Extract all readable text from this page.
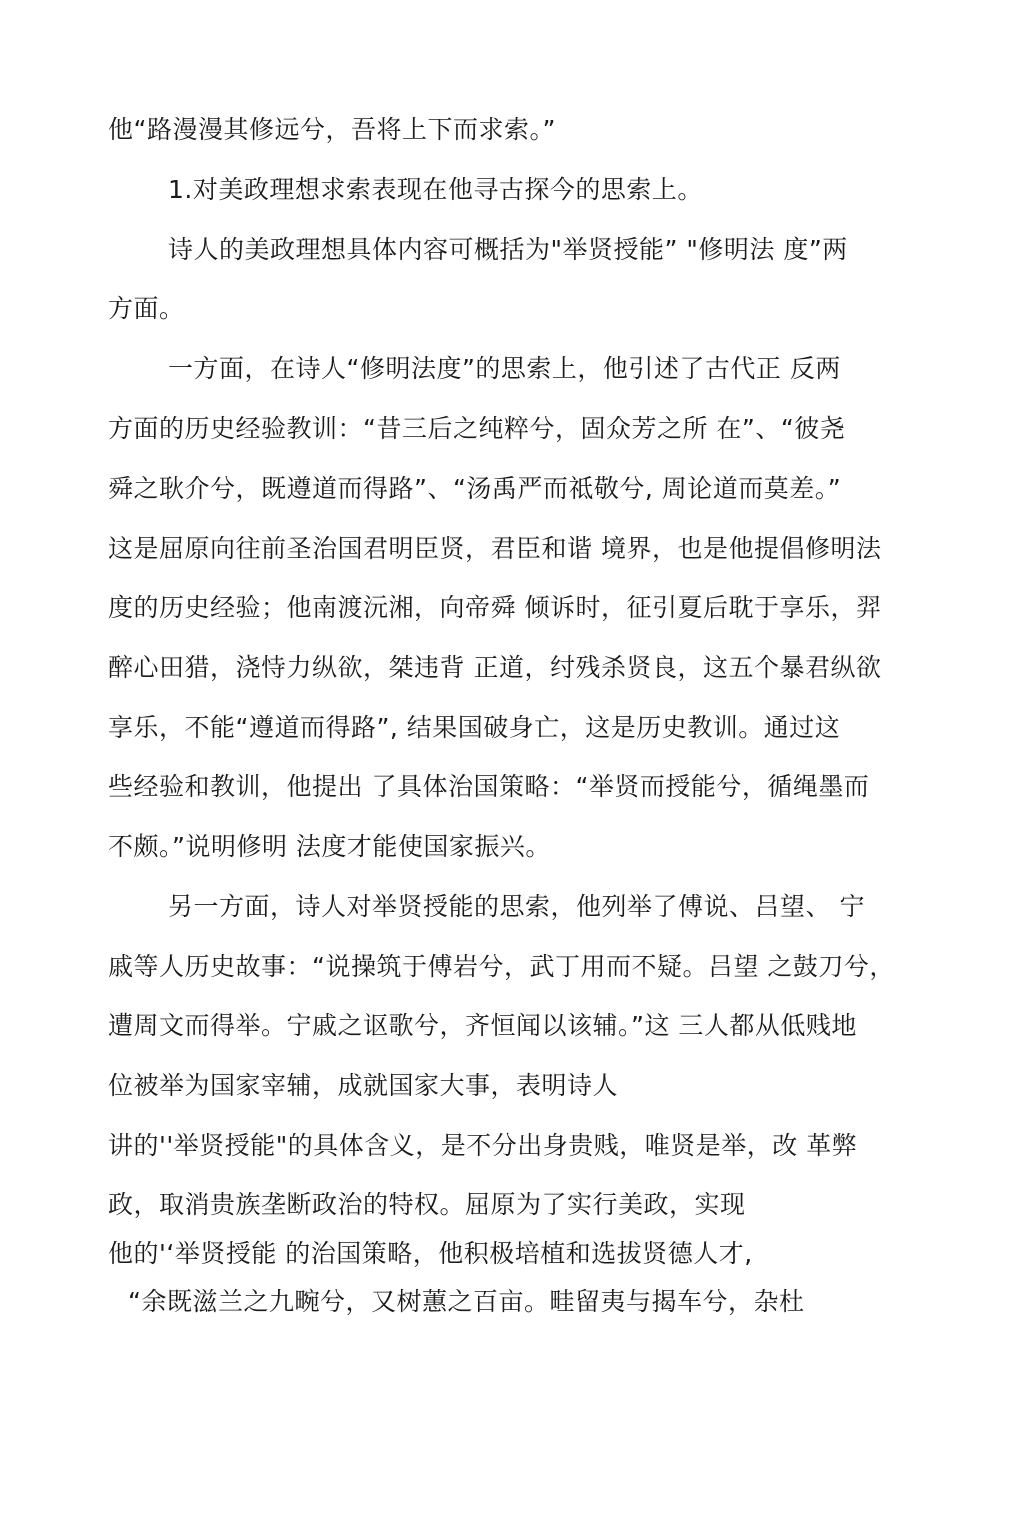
他“路漫漫其修远兮，吾将上下而求索。”
1.对美政理想求索表现在他寻古探今的思索上。
诗人的美政理想具体内容可概括为"举贤授能” "修明法 度”两
方面。
一方面，在诗人“修明法度”的思索上，他引述了古代正 反两
方面的历史经验教训：“昔三后之纯粹兮，固众芳之所 在”、“彼尧
舜之耿介兮，既遵道而得路”、“汤禹严而祗敬兮, 周论道而莫差。”
这是屈原向往前圣治国君明臣贤，君臣和谐 境界，也是他提倡修明法
度的历史经验；他南渡沅湘，向帝舜 倾诉时，征引夏后耽于享乐，羿
醉心田猎，浇恃力纵欲，桀违背 正道，纣残杀贤良，这五个暴君纵欲
享乐，不能“遵道而得路”, 结果国破身亡，这是历史教训。通过这
些经验和教训，他提出 了具体治国策略：“举贤而授能兮，循绳墨而
不颇。”说明修明 法度才能使国家振兴。
另一方面，诗人对举贤授能的思索，他列举了傅说、吕望、 宁
戚等人历史故事：“说操筑于傅岩兮，武丁用而不疑。吕望 之鼓刀兮，
遭周文而得举。宁戚之讴歌兮，齐恒闻以该辅。”这 三人都从低贱地
位被举为国家宰辅，成就国家大事，表明诗人
讲的''举贤授能"的具体含义，是不分出身贵贱，唯贤是举，改 革弊
政，取消贵族垄断政治的特权。屈原为了实行美政，实现
他的'‘举贤授能 的治国策略，他积极培植和选拔贤德人才,
“余既滋兰之九畹兮，又树蕙之百亩。畦留夷与揭车兮，杂杜
